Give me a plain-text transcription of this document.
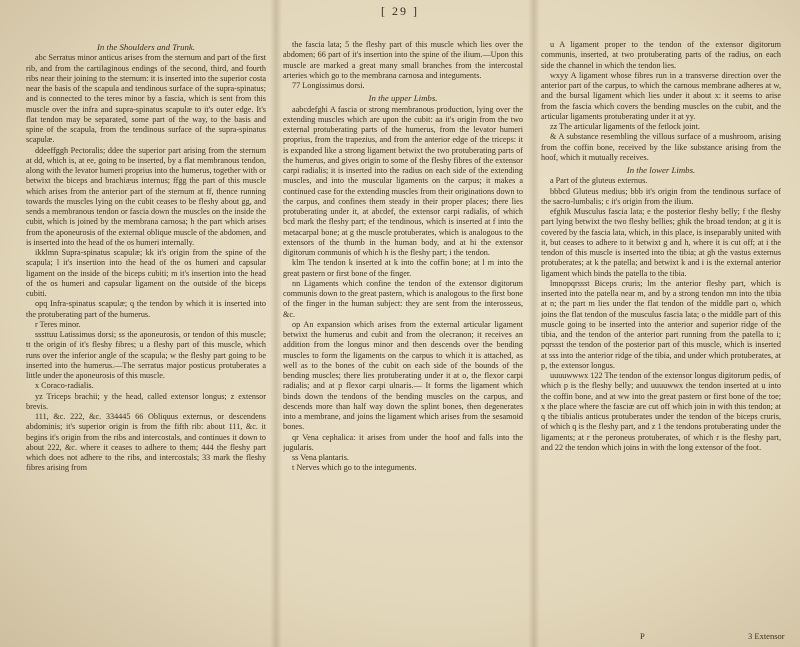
[ 29 ]
In the Shoulders and Trunk.

abc Serratus minor anticus arises from the sternum and part of the first rib, and from the cartilaginous endings of the second, third, and fourth ribs near their joining to the sternum: it is inserted into the superior costa near the basis of the scapula and tendinous surface of the supra-spinatus; and is connected to the teres minor by a fascia, which is sent from this muscle over the infra and supra-spinatus scapulæ to it's outer edge. It's flat tendon may be separated, some part of the way, to the basis and spine of the scapula, from the tendinous surface of the supra-spinatus scapulæ.

ddeeffggh Pectoralis; ddee the superior part arising from the sternum at dd, which is, at ee, going to be inserted, by a flat membranous tendon, along with the levator humeri proprius into the humerus, together with or betwixt the biceps and brachiæus internus; ffgg the part of this muscle which arises from the anterior part of the sternum at ff, thence running towards the muscles lying on the cubit ceases to be fleshy about gg, and sends a membranous tendon or fascia down the muscles on the inside the cubit, which is joined by the membrana carnosa; h the part which arises from the aponeurosis of the external oblique muscle of the abdomen, and is inserted into the head of the os humeri internally.

ikklmn Supra-spinatus scapulæ; kk it's origin from the spine of the scapula; l it's insertion into the head of the os humeri and capsular ligament on the inside of the biceps cubiti; m it's insertion into the head of the os humeri and capsular ligament on the outside of the biceps cubiti.

opq Infra-spinatus scapulæ; q the tendon by which it is inserted into the protuberating part of the humerus.

r Teres minor.

sssttuu Latissimus dorsi; ss the aponeurosis, or tendon of this muscle; tt the origin of it's fleshy fibres; u a fleshy part of this muscle, which runs over the inferior angle of the scapula; w the fleshy part going to be inserted into the humerus.—The serratus major posticus protuberates a little under the aponeurosis of this muscle.

x Coraco-radialis.

yz Triceps brachii; y the head, called extensor longus; z extensor brevis.

111, &c. 222, &c. 334445 66 Obliquus externus, or descendens abdominis; it's superior origin is from the fifth rib: about 111, &c. it begins it's origin from the ribs and intercostals, and continues it down to about 222, &c. where it ceases to adhere to them; 444 the fleshy part which does not adhere to the ribs, and intercostals; 33 mark the fleshy fibres arising from

the fascia lata; 5 the fleshy part of this muscle which lies over the abdomen; 66 part of it's insertion into the spine of the ilium.—Upon this muscle are marked a great many small branches from the intercostal arteries which go to the membrana carnosa and integuments.

77 Longissimus dorsi.

In the upper Limbs.

aabcdefghi A fascia or strong membranous production, lying over the extending muscles which are upon the cubit: aa it's origin from the two external protuberating parts of the humerus, from the levator humeri proprius, from the trapezius, and from the anterior edge of the triceps: it is expanded like a strong ligament betwixt the two protuberating parts of the humerus, and gives origin to some of the fleshy fibres of the extensor carpi radialis; it is inserted into the radius on each side of the extending muscles, and into the muscular ligaments on the carpus; it makes a continued case for the extending muscles from their originations down to the carpus, and confines them steady in their proper places; there lies protuberating under it, at abcdef, the extensor carpi radialis, of which bcd mark the fleshy part; ef the tendinous, which is inserted at f into the metacarpal bone; at g the muscle protuberates, which is analogous to the extensors of the thumb in the human body, and at hi the extensor digitorum communis of which h is the fleshy part; i the tendon.

klm The tendon k inserted at k into the coffin bone; at l m into the great pastern or first bone of the finger.

nn Ligaments which confine the tendon of the extensor digitorum communis down to the great pastern, which is analogous to the first bone of the finger in the human subject: they are sent from the interosseus, &c.

op An expansion which arises from the external articular ligament betwixt the humerus and cubit and from the olecranon; it receives an addition from the longus minor and then descends over the bending muscles to form the ligaments on the carpus to which it is attached, as well as to the bones of the cubit on each side of the bounds of the bending muscles; there lies protuberating under it at o, the flexor carpi radialis; and at p flexor carpi ulnaris.— It forms the ligament which binds down the tendons of the bending muscles on the carpus, and descends more than half way down the splint bones, then degenerates into a membrane, and joins the ligament which arises from the sesamoid bones.

qr Vena cephalica: it arises from under the hoof and falls into the jugularis.

ss Vena plantaris.

t Nerves which go to the integuments.

u A ligament proper to the tendon of the extensor digitorum communis, inserted, at two protuberating parts of the radius, on each side the channel in which the tendon lies.

wxyy A ligament whose fibres run in a transverse direction over the anterior part of the carpus, to which the carnous membrane adheres at w, and the bursal ligament which lies under it about x: it seems to arise from the fascia which covers the bending muscles on the cubit, and the articular ligaments protuberating under it at yy.

zz The articular ligaments of the fetlock joint.

& A substance resembling the villous surface of a mushroom, arising from the coffin bone, received by the like substance arising from the hoof, which it mutually receives.

In the lower Limbs.

a Part of the gluteus externus.

bbbcd Gluteus medius; bbb it's origin from the tendinous surface of the sacro-lumbalis; c it's origin from the ilium.

efghik Musculus fascia lata; e the posterior fleshy belly; f the fleshy part lying betwixt the two fleshy bellies; ghik the broad tendon; at g it is covered by the fascia lata, which, in this place, is inseparably united with it, but ceases to adhere to it betwixt g and h, where it is cut off; at i the tendon of this muscle is inserted into the tibia; at gh the vastus externus protuberates; at k the patella; and betwixt k and i is the external anterior ligament which binds the patella to the tibia.

lmnopqrssst Biceps cruris; lm the anterior fleshy part, which is inserted into the patella near m, and by a strong tendon mn into the tibia at n; the part m lies under the flat tendon of the middle part o, which joins the flat tendon of the musculus fascia lata; o the middle part of this muscle going to be inserted into the anterior and superior ridge of the tibia, and the tendon of the anterior part running from the patella to i; pqrssst the tendon of the posterior part of this muscle, which is inserted at sss into the anterior ridge of the tibia, and under which protuberates, at p, the extensor longus.

uuuuwwwx 122 The tendon of the extensor longus digitorum pedis, of which p is the fleshy belly; and uuuuwwx the tendon inserted at u into the coffin bone, and at ww into the great pastern or first bone of the toe; x the place where the fasciæ are cut off which join in with this tendon; at q the tibialis anticus protuberates under the tendon of the biceps cruris, of which q is the fleshy part, and z 1 the tendons protuberating under the ligaments; at r the peroneus protuberates, of which r is the fleshy part, and 22 the tendon which joins in with the long extensor of the foot.

P	3 Extensor
